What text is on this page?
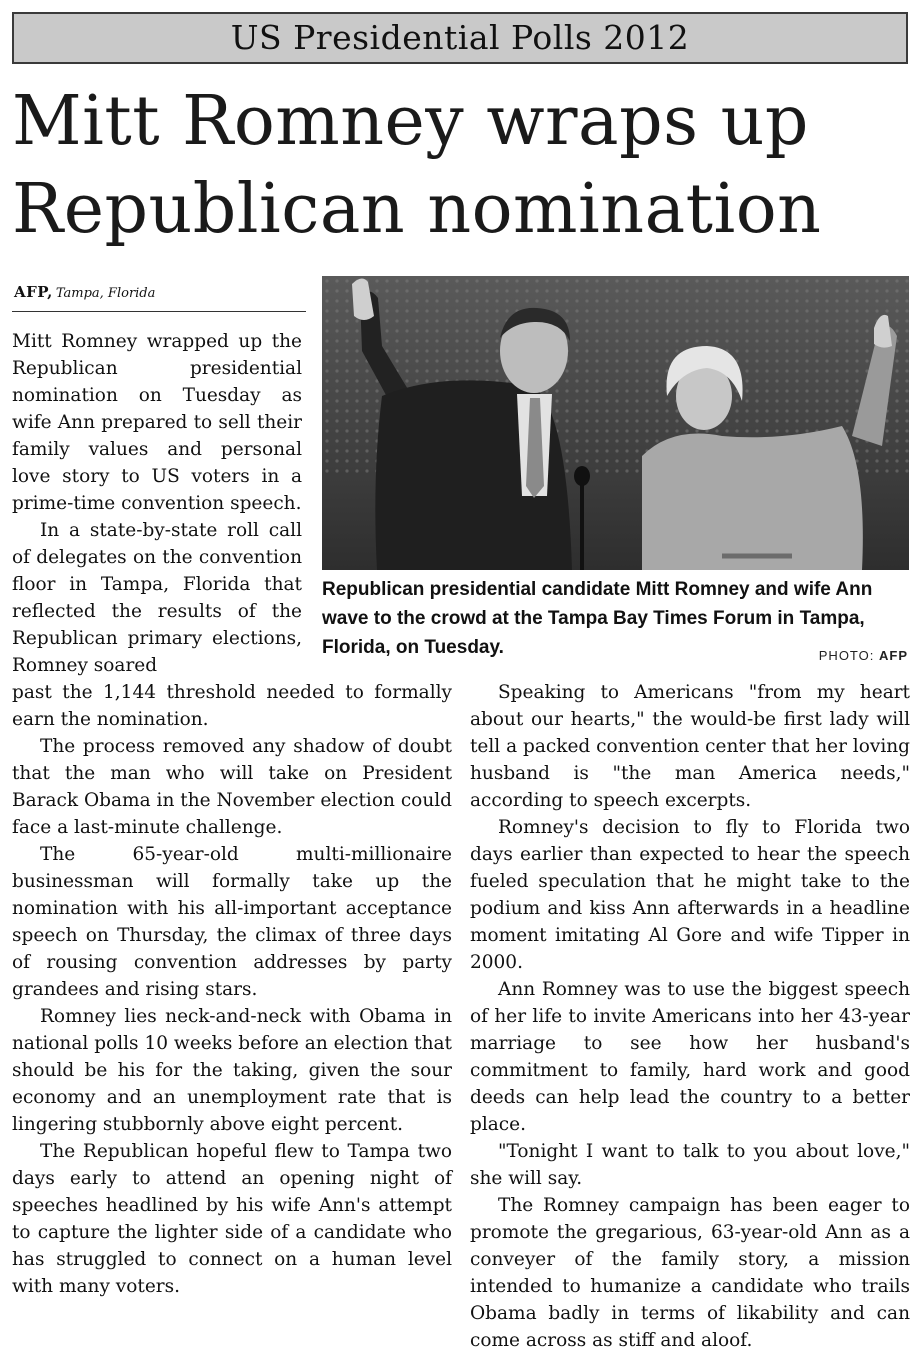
US Presidential Polls 2012
Mitt Romney wraps up
Republican nomination
AFP, Tampa, Florida
Republican presidential candidate Mitt Romney and wife Ann wave to the crowd at the Tampa Bay Times Forum in Tampa, Florida, on Tuesday.	PHOTO: AFP

Mitt Romney wrapped up the Republican presidential nomination on Tuesday as wife Ann prepared to sell their family values and personal love story to US voters in a prime-time convention speech.

In a state-by-state roll call of delegates on the convention floor in Tampa, Florida that reflected the results of the Republican primary elections, Romney soared

past the 1,144 threshold needed to formally earn the nomination.

The process removed any shadow of doubt that the man who will take on President Barack Obama in the November election could face a last-minute challenge.

The 65-year-old multi-millionaire businessman will formally take up the nomination with his all-important acceptance speech on Thursday, the climax of three days of rousing convention addresses by party grandees and rising stars.

Romney lies neck-and-neck with Obama in national polls 10 weeks before an election that should be his for the taking, given the sour economy and an unemployment rate that is lingering stubbornly above eight percent.

The Republican hopeful flew to Tampa two days early to attend an opening night of speeches headlined by his wife Ann's attempt to capture the lighter side of a candidate who has struggled to connect on a human level with many voters.

Speaking to Americans "from my heart about our hearts," the would-be first lady will tell a packed convention center that her loving husband is "the man America needs," according to speech excerpts.

Romney's decision to fly to Florida two days earlier than expected to hear the speech fueled speculation that he might take to the podium and kiss Ann afterwards in a headline moment imitating Al Gore and wife Tipper in 2000.

Ann Romney was to use the biggest speech of her life to invite Americans into her 43-year marriage to see how her husband's commitment to family, hard work and good deeds can help lead the country to a better place.

"Tonight I want to talk to you about love," she will say.

The Romney campaign has been eager to promote the gregarious, 63-year-old Ann as a conveyer of the family story, a mission intended to humanize a candidate who trails Obama badly in terms of likability and can come across as stiff and aloof.
